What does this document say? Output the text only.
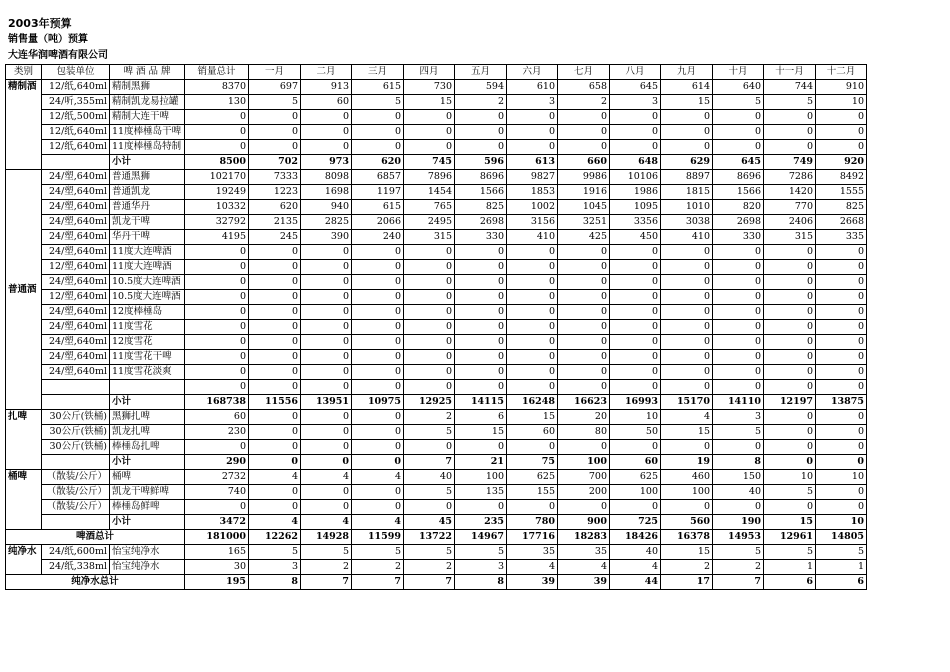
2003年预算
销售量（吨）预算
大连华润啤酒有限公司
类别	包装单位	啤 酒 品 牌	销量总计	一月	二月	三月	四月	五月	六月	七月	八月	九月	十月	十一月	十二月
精制酒	12/纸,640ml	精制黑狮	8370	697	913	615	730	594	610	658	645	614	640	744	910
	24/听,355ml	精制凯龙易拉罐	130	5	60	5	15	2	3	2	3	15	5	5	10
	12/纸,500ml	精制大连干啤	0	0	0	0	0	0	0	0	0	0	0	0	0
	12/纸,640ml	11度棒棰岛干啤	0	0	0	0	0	0	0	0	0	0	0	0	0
	12/纸,640ml	11度棒棰岛特制	0	0	0	0	0	0	0	0	0	0	0	0	0
		小计	8500	702	973	620	745	596	613	660	648	629	645	749	920
普通酒	24/塑,640ml	普通黑狮	102170	7333	8098	6857	7896	8696	9827	9986	10106	8897	8696	7286	8492
	24/塑,640ml	普通凯龙	19249	1223	1698	1197	1454	1566	1853	1916	1986	1815	1566	1420	1555
	24/塑,640ml	普通华丹	10332	620	940	615	765	825	1002	1045	1095	1010	820	770	825
	24/塑,640ml	凯龙干啤	32792	2135	2825	2066	2495	2698	3156	3251	3356	3038	2698	2406	2668
	24/塑,640ml	华丹干啤	4195	245	390	240	315	330	410	425	450	410	330	315	335
	24/塑,640ml	11度大连啤酒	0	0	0	0	0	0	0	0	0	0	0	0	0
	12/塑,640ml	11度大连啤酒	0	0	0	0	0	0	0	0	0	0	0	0	0
	24/塑,640ml	10.5度大连啤酒	0	0	0	0	0	0	0	0	0	0	0	0	0
	12/塑,640ml	10.5度大连啤酒	0	0	0	0	0	0	0	0	0	0	0	0	0
	24/塑,640ml	12度棒棰岛	0	0	0	0	0	0	0	0	0	0	0	0	0
	24/塑,640ml	11度雪花	0	0	0	0	0	0	0	0	0	0	0	0	0
	24/塑,640ml	12度雪花	0	0	0	0	0	0	0	0	0	0	0	0	0
	24/塑,640ml	11度雪花干啤	0	0	0	0	0	0	0	0	0	0	0	0	0
	24/塑,640ml	11度雪花淡爽	0	0	0	0	0	0	0	0	0	0	0	0	0
			0	0	0	0	0	0	0	0	0	0	0	0	0
		小计	168738	11556	13951	10975	12925	14115	16248	16623	16993	15170	14110	12197	13875
扎啤	30公斤(铁桶)	黑狮扎啤	60	0	0	0	2	6	15	20	10	4	3	0	0
	30公斤(铁桶)	凯龙扎啤	230	0	0	0	5	15	60	80	50	15	5	0	0
	30公斤(铁桶)	棒棰岛扎啤	0	0	0	0	0	0	0	0	0	0	0	0	0
		小计	290	0	0	0	7	21	75	100	60	19	8	0	0
桶啤	（散装/公斤）	桶啤	2732	4	4	4	40	100	625	700	625	460	150	10	10
	（散装/公斤）	凯龙干啤鲜啤	740	0	0	0	5	135	155	200	100	100	40	5	0
	（散装/公斤）	棒棰岛鲜啤	0	0	0	0	0	0	0	0	0	0	0	0	0
		小计	3472	4	4	4	45	235	780	900	725	560	190	15	10
啤酒总计			181000	12262	14928	11599	13722	14967	17716	18283	18426	16378	14953	12961	14805
纯净水	24/纸,600ml	怡宝纯净水	165	5	5	5	5	5	35	35	40	15	5	5	5
	24/纸,338ml	怡宝纯净水	30	3	2	2	2	3	4	4	4	2	2	1	1
纯净水总计			195	8	7	7	7	8	39	39	44	17	7	6	6
